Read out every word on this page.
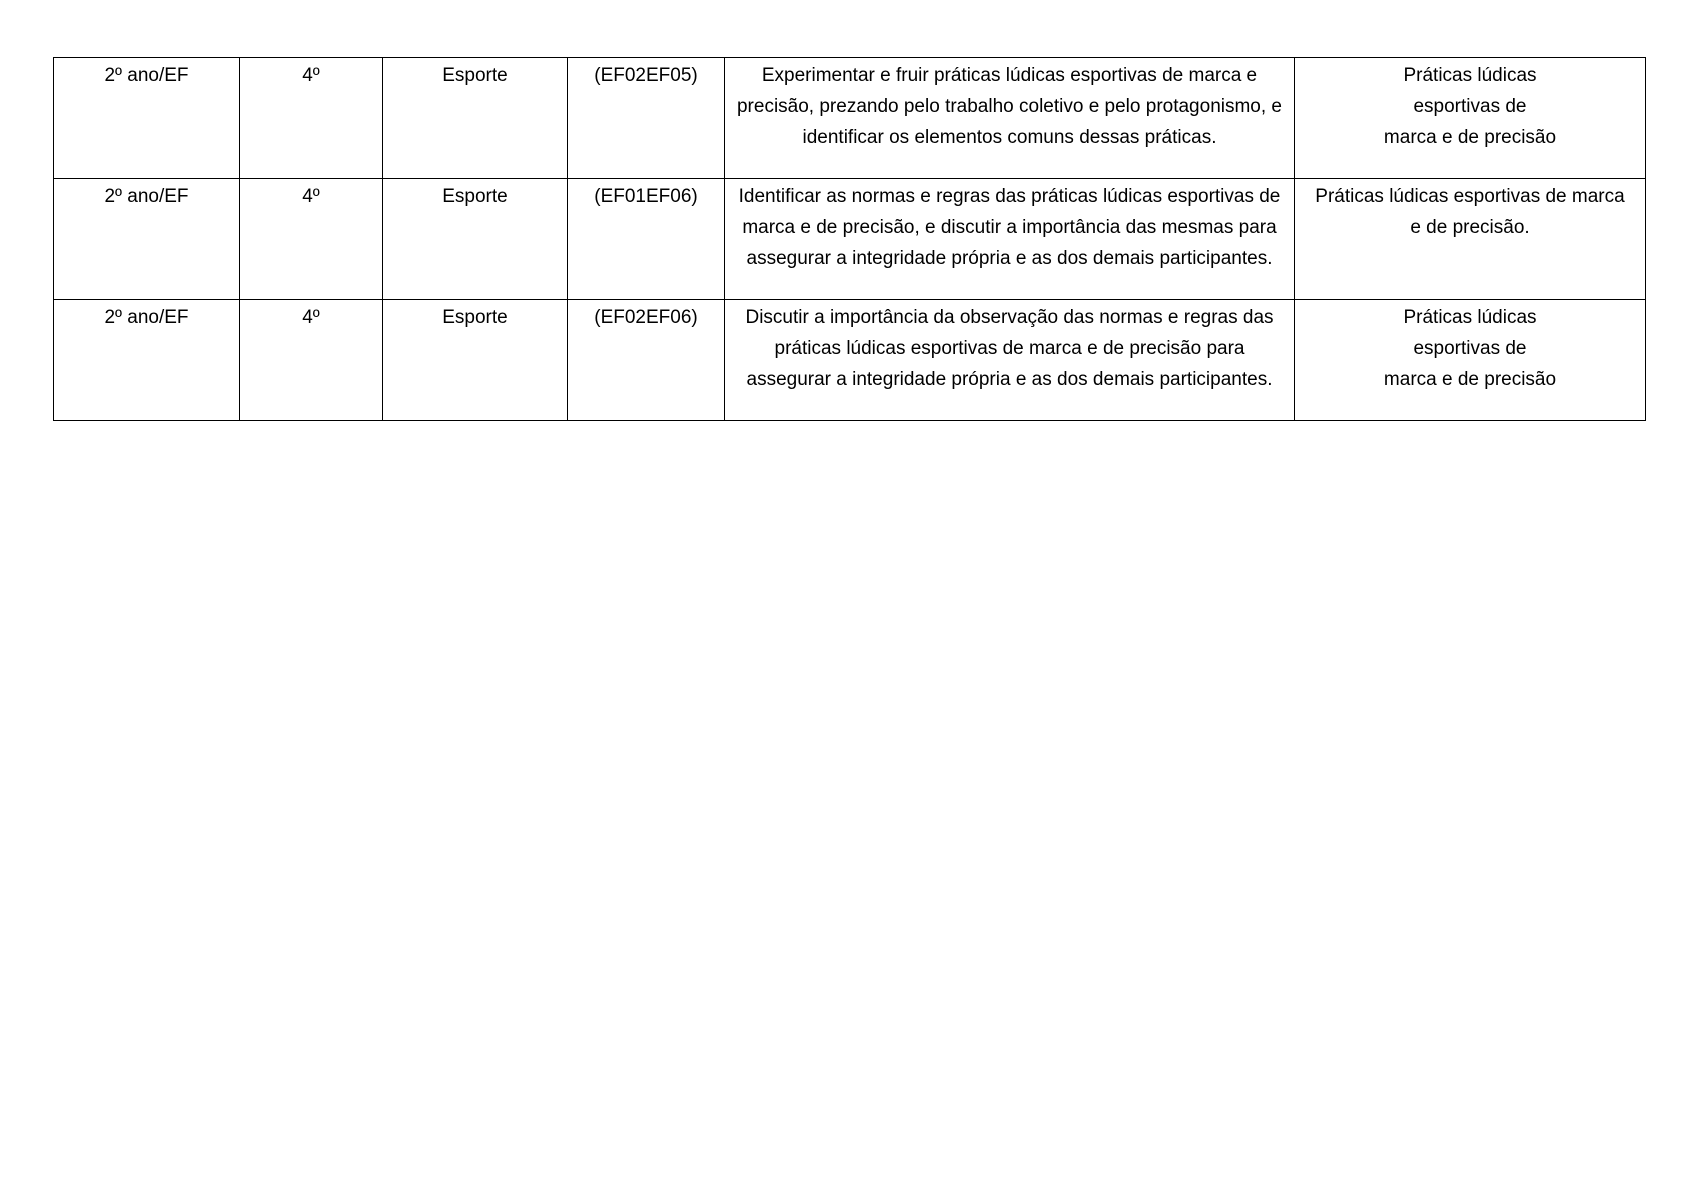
2º ano/EF	4º	Esporte	(EF02EF05)	Experimentar e fruir práticas lúdicas esportivas de marca e precisão, prezando pelo trabalho coletivo e pelo protagonismo, e identificar os elementos comuns dessas práticas.	Práticas lúdicas
esportivas de
marca e de precisão

2º ano/EF	4º	Esporte	(EF01EF06)	Identificar as normas e regras das práticas lúdicas esportivas de marca e de precisão, e discutir a importância das mesmas para assegurar a integridade própria e as dos demais participantes.	Práticas lúdicas esportivas de marca
e de precisão.

2º ano/EF	4º	Esporte	(EF02EF06)	Discutir a importância da observação das normas e regras das práticas lúdicas esportivas de marca e de precisão para assegurar a integridade própria e as dos demais participantes.	Práticas lúdicas
esportivas de
marca e de precisão
